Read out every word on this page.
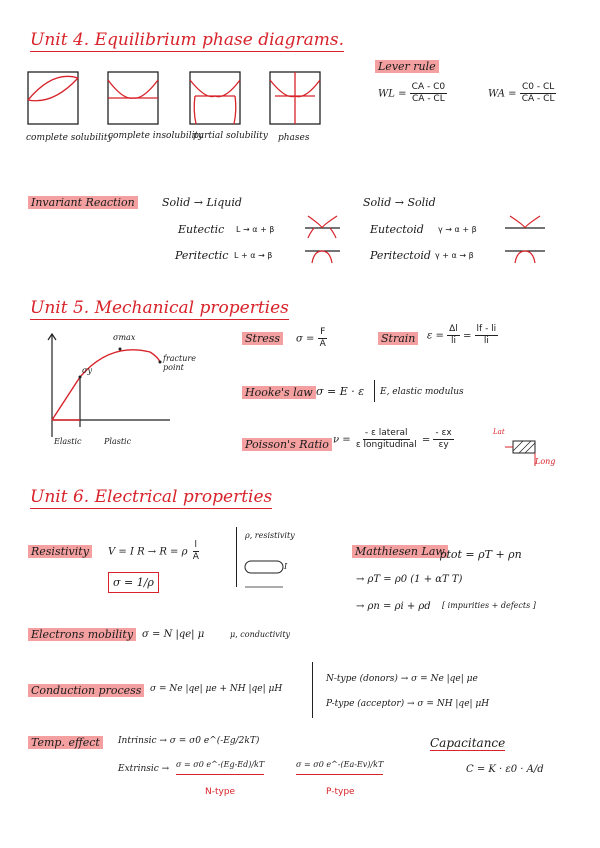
Unit 4. Equilibrium phase diagrams.
complete solubility
complete insolubility
partial solubility phases
Lever rule
WL = $\frac{CA - C0}{CA - CL}$	WA = $\frac{C0 - CL}{CA - CL}$
Invariant Reaction Solid → Liquid	Solid → Solid
Eutectic L → α + β
Peritectic L + α → β
Eutectoid γ → α + β
Peritectoid γ + α → β
Unit 5. Mechanical properties
σmax
σy
fracture point
Elastic	Plastic
Stress	$\sigma = \frac{F}{A}$	Strain	$\varepsilon = \frac{\Delta l}{li} = \frac{lf - li}{li}$
Hooke's law σ = E · ε E, elastic modulus
Poisson's Ratio $\nu = \frac{\text{- ε lateral}}{\text{ε longitudinal}} = \frac{- \varepsilon x}{\varepsilon y}$	Lat
Long
Unit 6. Electrical properties
Resistivity	V = I R → R = ρ $\frac{l}{A}$
ρ, resistivity
I
σ = 1/ρ
Matthiesen Law
ρtot = ρT + ρn
→ ρT = ρ0 (1 + αT T)
→ ρn = ρi + ρd [ impurities + defects ]
Electrons mobility σ = N |qe| μ	μ, conductivity
Conduction process σ = Ne |qe| μe + NH |qe| μH
N-type (donors) → σ = Ne |qe| μe
P-type (acceptor) → σ = NH |qe| μH
Temp. effect	Intrinsic → σ = σ0 e^(-Eg/2kT)
Extrinsic → σ = σ0 e^-(Eg-Ed)/kT	σ = σ0 e^-(Ea-Ev)/kT
N-type	P-type
Capacitance
C = K · ε0 · A/d
